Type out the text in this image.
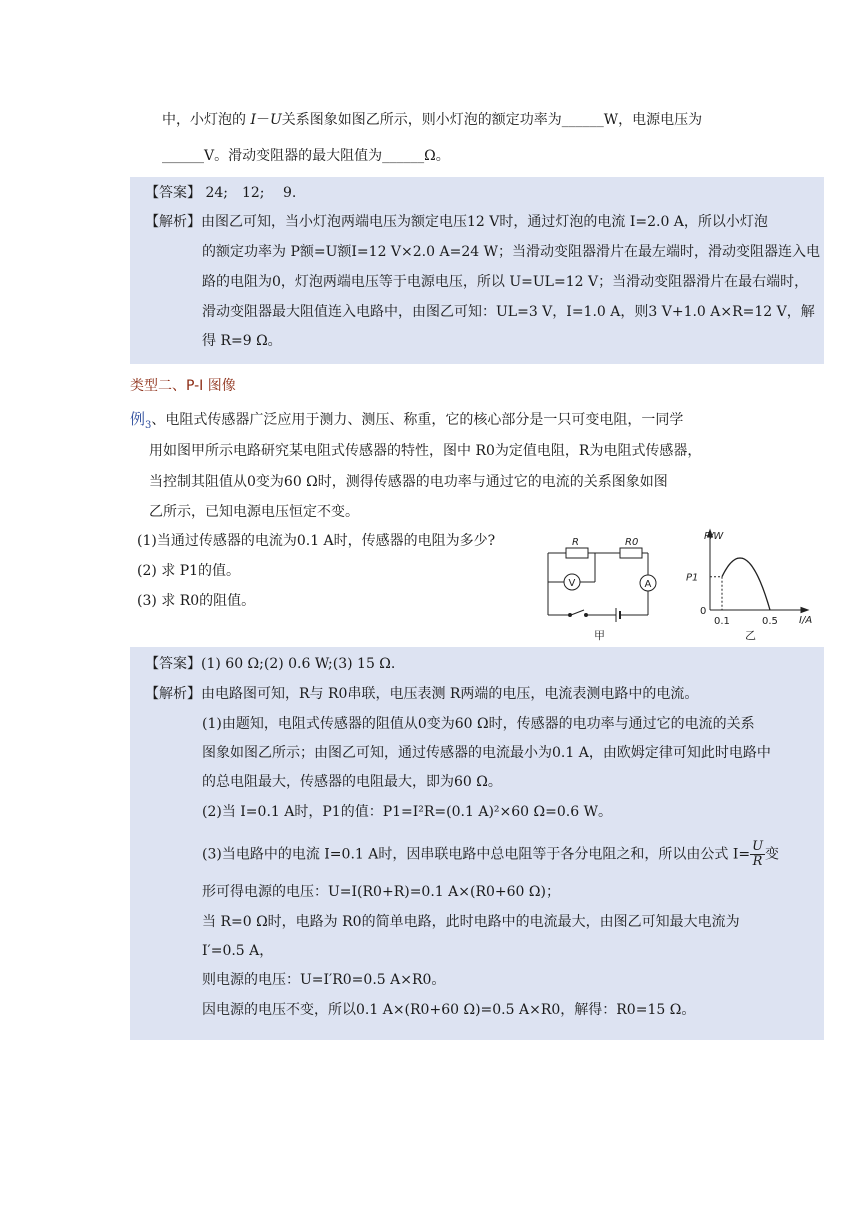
中，小灯泡的 I－U关系图象如图乙所示，则小灯泡的额定功率为______W，电源电压为
______V。滑动变阻器的最大阻值为______Ω。
【答案】 24;　12;　 9.
【解析】由图乙可知，当小灯泡两端电压为额定电压12 V时，通过灯泡的电流 I=2.0 A，所以小灯泡
的额定功率为 P额=U额I=12 V×2.0 A=24 W；当滑动变阻器滑片在最左端时，滑动变阻器连入电
路的电阻为0，灯泡两端电压等于电源电压，所以 U=UL=12 V；当滑动变阻器滑片在最右端时，
滑动变阻器最大阻值连入电路中，由图乙可知：UL=3 V，I=1.0 A，则3 V+1.0 A×R=12 V，解
得 R=9 Ω。
类型二、P-I 图像
例$_3$、电阻式传感器广泛应用于测力、测压、称重，它的核心部分是一只可变电阻，一同学
用如图甲所示电路研究某电阻式传感器的特性，图中 R0为定值电阻，R为电阻式传感器，
当控制其阻值从0变为60 Ω时，测得传感器的电功率与通过它的电流的关系图象如图
乙所示，已知电源电压恒定不变。
(1)当通过传感器的电流为0.1 A时，传感器的电阻为多少?
(2) 求 P1的值。
(3) 求 R0的阻值。
R	R0
V	A
甲
P/W
I/A
P1
0
0.1	0.5
乙
【答案】(1) 60 Ω;(2) 0.6 W;(3) 15 Ω.
【解析】由电路图可知，R与 R0串联，电压表测 R两端的电压，电流表测电路中的电流。
(1)由题知，电阻式传感器的阻值从0变为60 Ω时，传感器的电功率与通过它的电流的关系
图象如图乙所示；由图乙可知，通过传感器的电流最小为0.1 A，由欧姆定律可知此时电路中
的总电阻最大，传感器的电阻最大，即为60 Ω。
(2)当 I=0.1 A时，P1的值：P1=I²R=(0.1 A)²×60 Ω=0.6 W。
(3)当电路中的电流 I=0.1 A时，因串联电路中总电阻等于各分电阻之和，所以由公式 $I= \frac{U}{R}$ 变
形可得电源的电压：U=I(R0+R)=0.1 A×(R0+60 Ω)；
当 R=0 Ω时，电路为 R0的简单电路，此时电路中的电流最大，由图乙可知最大电流为
I′=0.5 A，
则电源的电压：U=I′R0=0.5 A×R0。
因电源的电压不变，所以0.1 A×(R0+60 Ω)=0.5 A×R0，解得：R0=15 Ω。
